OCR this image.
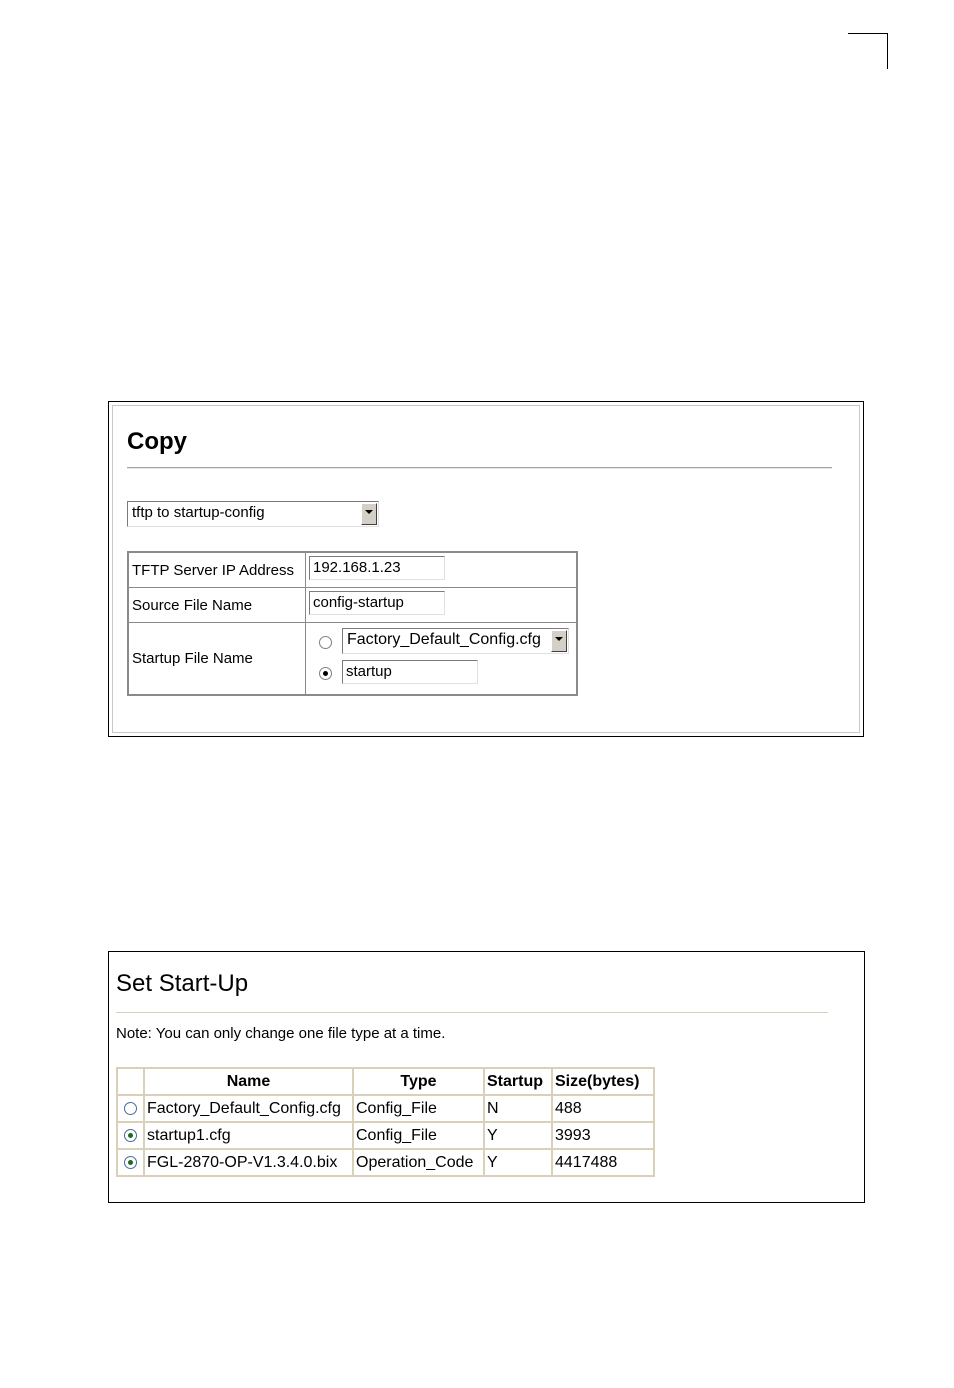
Copy
tftp to startup-config
TFTP Server IP Address	192.168.1.23
Source File Name	config-startup
Startup File Name	Factory_Default_Config.cfg
startup
Set Start-Up
Note: You can only change one file type at a time.
	Name	Type	Startup	Size(bytes)
	Factory_Default_Config.cfg	Config_File	N	488
	startup1.cfg	Config_File	Y	3993
	FGL-2870-OP-V1.3.4.0.bix	Operation_Code	Y	4417488
